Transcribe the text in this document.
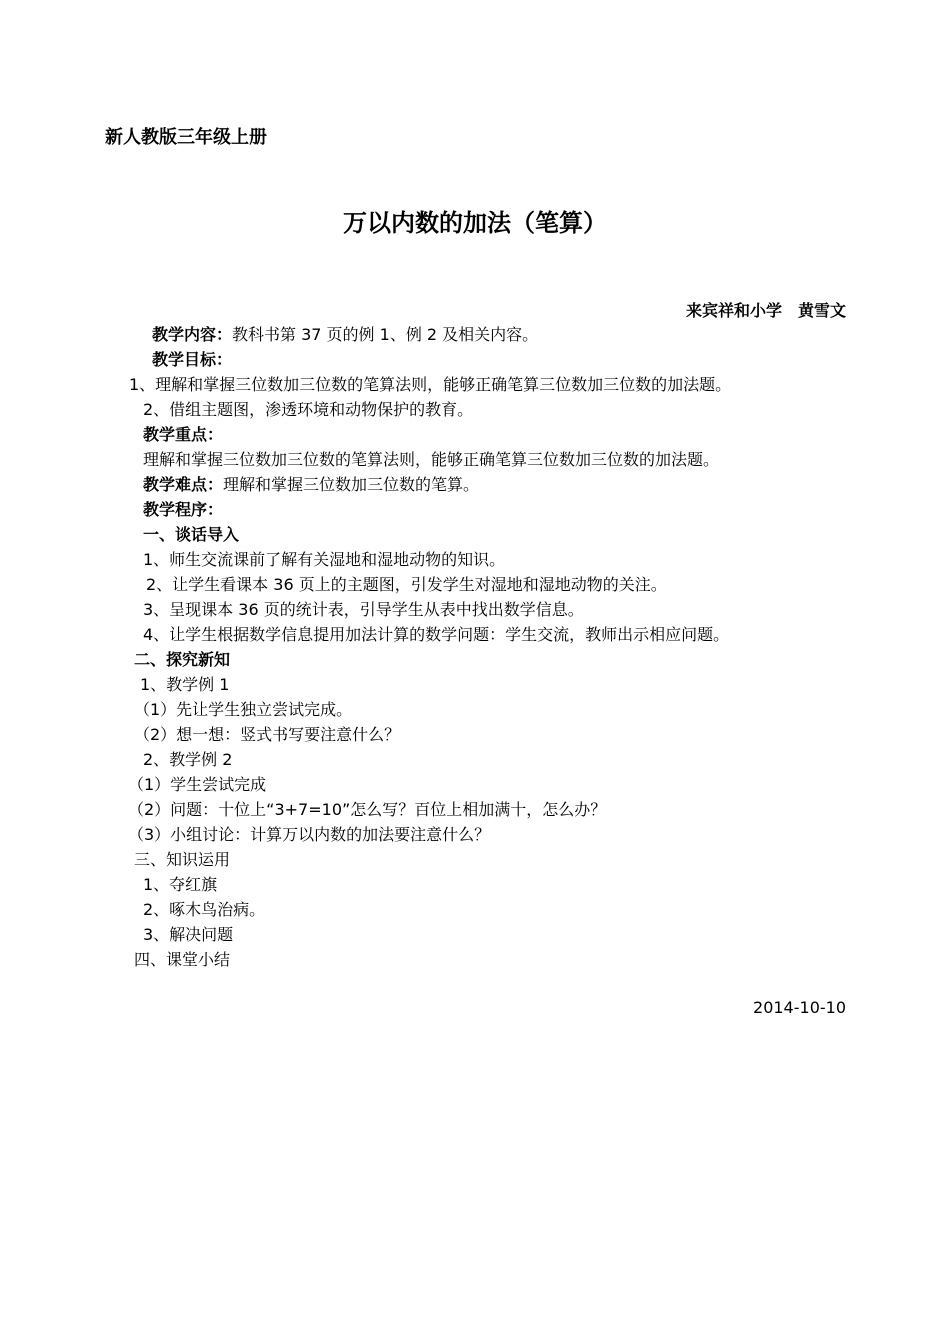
新人教版三年级上册
万以内数的加法（笔算）
来宾祥和小学　黄雪文
教学内容：教科书第 37 页的例 1、例 2 及相关内容。
教学目标：
1、理解和掌握三位数加三位数的笔算法则，能够正确笔算三位数加三位数的加法题。
2、借组主题图，渗透环境和动物保护的教育。
教学重点：
理解和掌握三位数加三位数的笔算法则，能够正确笔算三位数加三位数的加法题。
教学难点：理解和掌握三位数加三位数的笔算。
教学程序：
一、谈话导入
1、师生交流课前了解有关湿地和湿地动物的知识。
2、让学生看课本 36 页上的主题图，引发学生对湿地和湿地动物的关注。
3、呈现课本 36 页的统计表，引导学生从表中找出数学信息。
4、让学生根据数学信息提用加法计算的数学问题：学生交流，教师出示相应问题。
二、探究新知
1、教学例 1
（1）先让学生独立尝试完成。
（2）想一想：竖式书写要注意什么？
2、教学例 2
（1）学生尝试完成
（2）问题：十位上“3+7=10”怎么写？百位上相加满十，怎么办？
（3）小组讨论：计算万以内数的加法要注意什么？
三、知识运用
1、夺红旗
2、啄木鸟治病。
3、解决问题
四、课堂小结
2014-10-10
